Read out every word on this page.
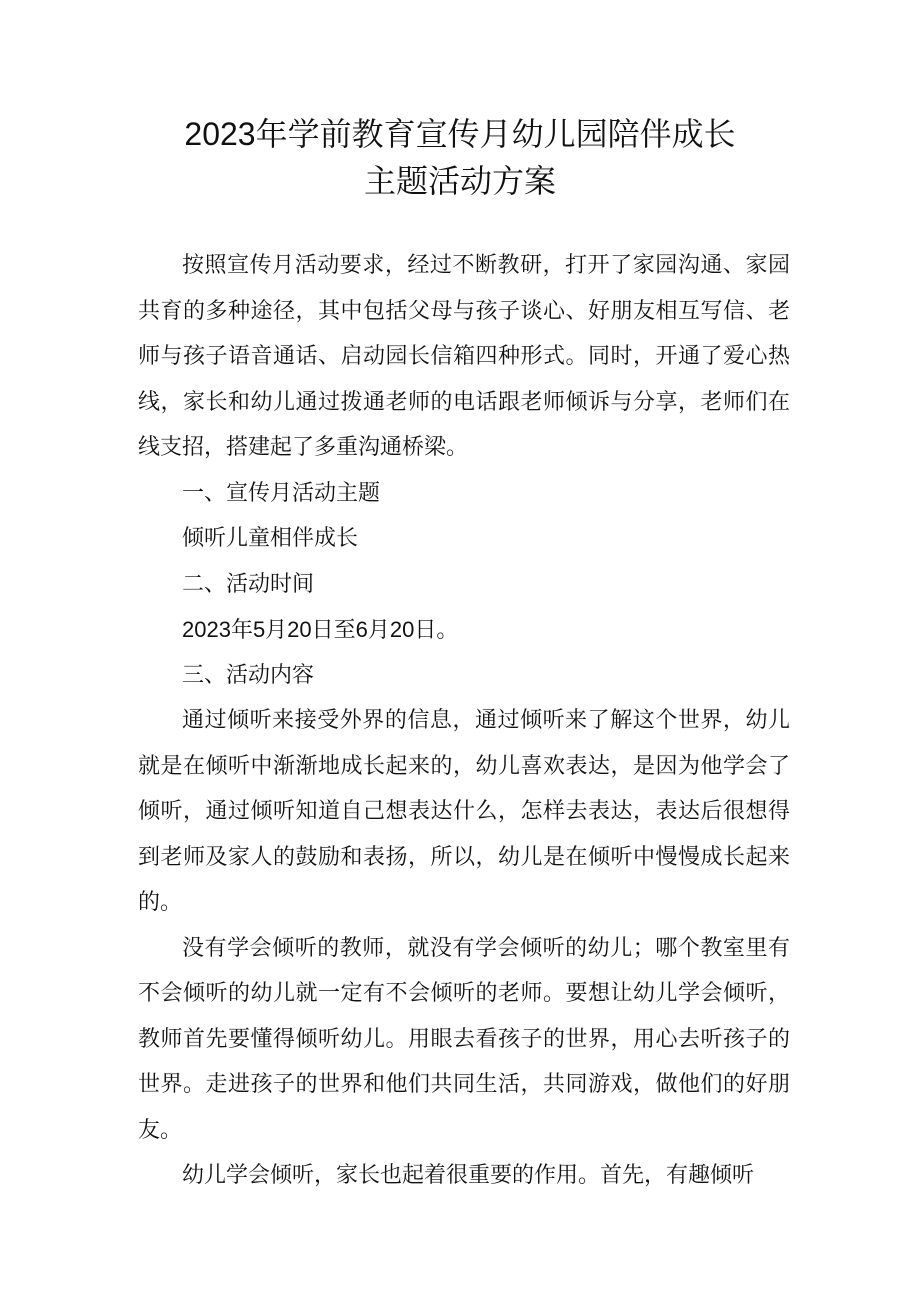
2023年学前教育宣传月幼儿园陪伴成长
主题活动方案

按照宣传月活动要求，经过不断教研，打开了家园沟通、家园共育的多种途径，其中包括父母与孩子谈心、好朋友相互写信、老师与孩子语音通话、启动园长信箱四种形式。同时，开通了爱心热线，家长和幼儿通过拨通老师的电话跟老师倾诉与分享，老师们在线支招，搭建起了多重沟通桥梁。

一、宣传月活动主题

倾听儿童相伴成长

二、活动时间

2023年5月20日至6月20日。

三、活动内容

通过倾听来接受外界的信息，通过倾听来了解这个世界，幼儿就是在倾听中渐渐地成长起来的，幼儿喜欢表达，是因为他学会了倾听，通过倾听知道自己想表达什么，怎样去表达，表达后很想得到老师及家人的鼓励和表扬，所以，幼儿是在倾听中慢慢成长起来的。

没有学会倾听的教师，就没有学会倾听的幼儿；哪个教室里有不会倾听的幼儿就一定有不会倾听的老师。要想让幼儿学会倾听，教师首先要懂得倾听幼儿。用眼去看孩子的世界，用心去听孩子的世界。走进孩子的世界和他们共同生活，共同游戏，做他们的好朋友。

幼儿学会倾听，家长也起着很重要的作用。首先，有趣倾听
